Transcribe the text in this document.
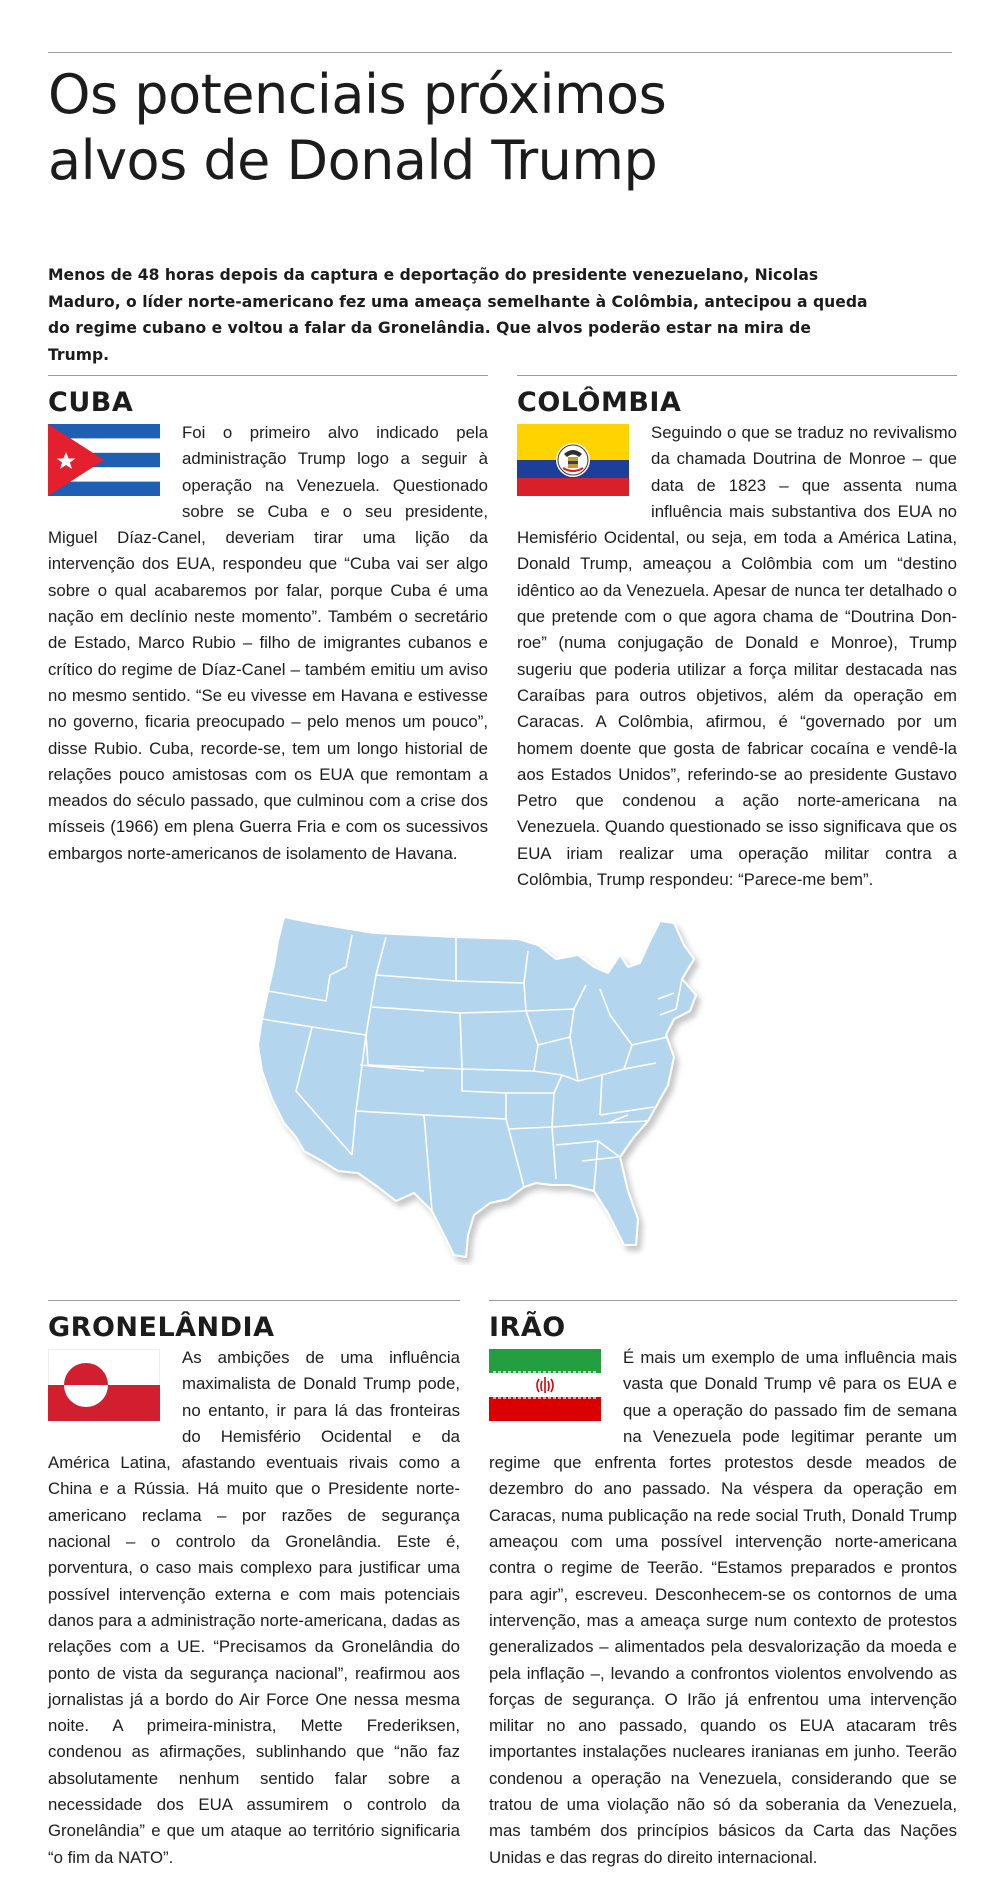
Os potenciais próximos
alvos de Donald Trump

Menos de 48 horas depois da captura e deportação do presidente venezuelano, Nicolas Maduro, o líder norte-americano fez uma ameaça semelhante à Colômbia, antecipou a queda do regime cubano e voltou a falar da Gronelândia. Que alvos poderão estar na mira de Trump.

CUBA
Foi o primeiro alvo indicado pela administração Trump logo a seguir à operação na Venezuela. Questionado sobre se Cuba e o seu presidente, Miguel Díaz-Canel, deveriam tirar uma lição da intervenção dos EUA, respondeu que “Cuba vai ser algo sobre o qual acabaremos por falar, porque Cuba é uma nação em declínio neste momento”. Também o secretário de Estado, Marco Rubio – filho de imigrantes cubanos e crítico do regime de Díaz-Canel – também emitiu um aviso no mesmo sentido. “Se eu vivesse em Havana e estivesse no governo, ficaria preocupado – pelo menos um pouco”, disse Rubio. Cuba, recorde-se, tem um longo historial de relações pouco amistosas com os EUA que remontam a meados do século passado, que culminou com a crise dos mísseis (1966) em plena Guerra Fria e com os sucessivos embargos norte-americanos de isolamento de Havana.
COLÔMBIA
Seguindo o que se traduz no revivalismo da chamada Doutrina de Monroe – que data de 1823 – que assenta numa influência mais substantiva dos EUA no Hemisfério Ocidental, ou seja, em toda a América Latina, Donald Trump, ameaçou a Colômbia com um “destino idêntico ao da Venezuela. Apesar de nunca ter detalhado o que pretende com o que agora chama de “Doutrina Don-roe” (numa conjugação de Donald e Monroe), Trump sugeriu que poderia utilizar a força militar destacada nas Caraíbas para outros objetivos, além da operação em Caracas. A Colômbia, afirmou, é “governado por um homem doente que gosta de fabricar cocaína e vendê-la aos Estados Unidos”, referindo-se ao presidente Gustavo Petro que condenou a ação norte-americana na Venezuela. Quando questionado se isso significava que os EUA iriam realizar uma operação militar contra a Colômbia, Trump respondeu: “Parece-me bem”.
GRONELÂNDIA
As ambições de uma influência maximalista de Donald Trump pode, no entanto, ir para lá das fronteiras do Hemisfério Ocidental e da América Latina, afastando eventuais rivais como a China e a Rússia. Há muito que o Presidente norte-americano reclama – por razões de segurança nacional – o controlo da Gronelândia. Este é, porventura, o caso mais complexo para justificar uma possível intervenção externa e com mais potenciais danos para a administração norte-americana, dadas as relações com a UE. “Precisamos da Gronelândia do ponto de vista da segurança nacional”, reafirmou aos jornalistas já a bordo do Air Force One nessa mesma noite. A primeira-ministra, Mette Frederiksen, condenou as afirmações, sublinhando que “não faz absolutamente nenhum sentido falar sobre a necessidade dos EUA assumirem o controlo da Gronelândia” e que um ataque ao território significaria “o fim da NATO”.
IRÃO
É mais um exemplo de uma influência mais vasta que Donald Trump vê para os EUA e que a operação do passado fim de semana na Venezuela pode legitimar perante um regime que enfrenta fortes protestos desde meados de dezembro do ano passado. Na véspera da operação em Caracas, numa publicação na rede social Truth, Donald Trump ameaçou com uma possível intervenção norte-americana contra o regime de Teerão. “Estamos preparados e prontos para agir”, escreveu. Desconhecem-se os contornos de uma intervenção, mas a ameaça surge num contexto de protestos generalizados – alimentados pela desvalorização da moeda e pela inflação –, levando a confrontos violentos envolvendo as forças de segurança. O Irão já enfrentou uma intervenção militar no ano passado, quando os EUA atacaram três importantes instalações nucleares iranianas em junho. Teerão condenou a operação na Venezuela, considerando que se tratou de uma violação não só da soberania da Venezuela, mas também dos princípios básicos da Carta das Nações Unidas e das regras do direito internacional.
